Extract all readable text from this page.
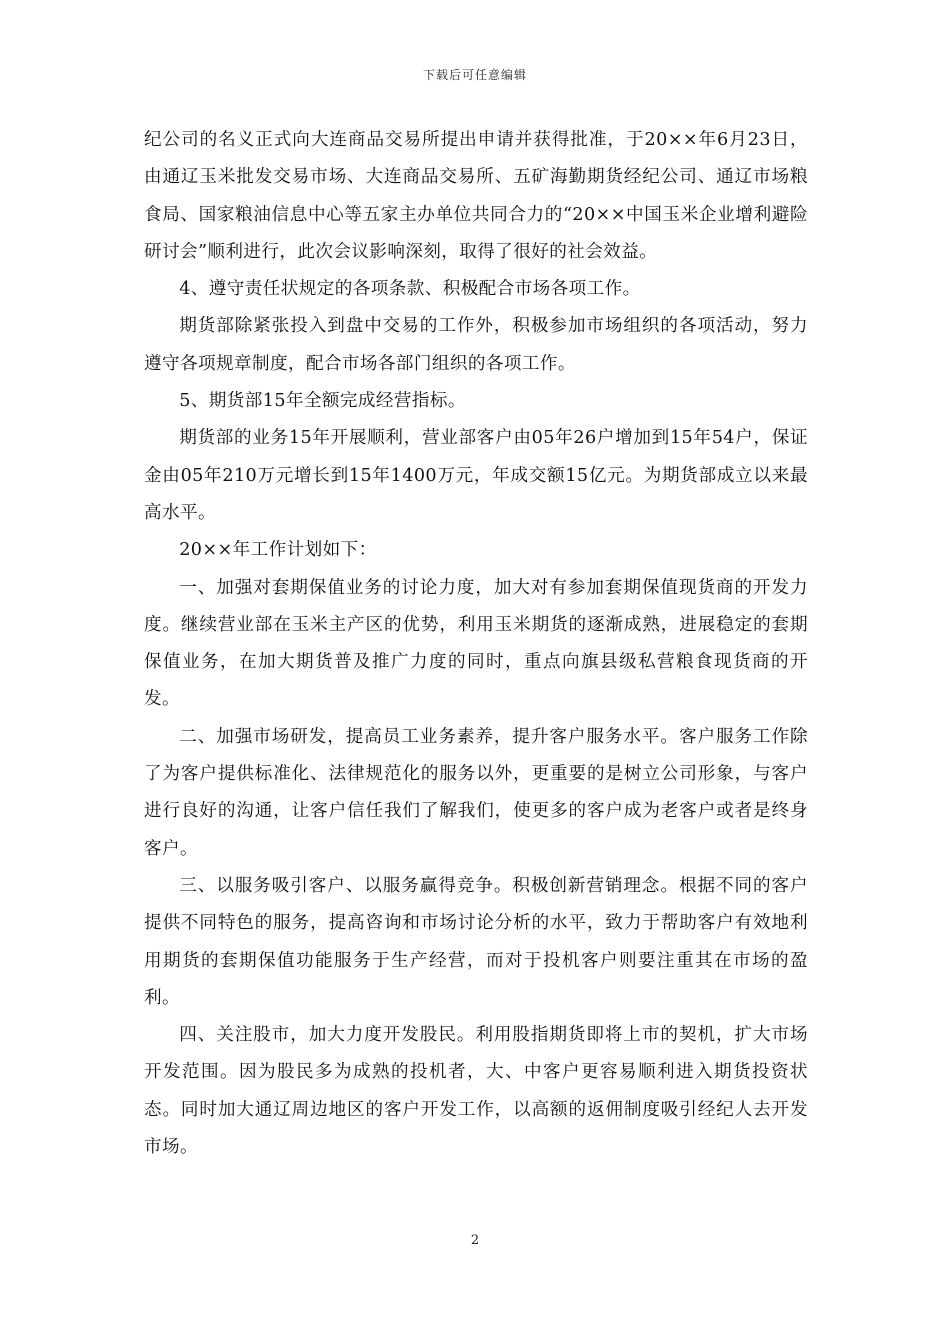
下载后可任意编辑

纪公司的名义正式向大连商品交易所提出申请并获得批准，于20××年6月23日，由通辽玉米批发交易市场、大连商品交易所、五矿海勤期货经纪公司、通辽市场粮食局、国家粮油信息中心等五家主办单位共同合力的“20××中国玉米企业增利避险研讨会”顺利进行，此次会议影响深刻，取得了很好的社会效益。

4、遵守责任状规定的各项条款、积极配合市场各项工作。

期货部除紧张投入到盘中交易的工作外，积极参加市场组织的各项活动，努力遵守各项规章制度，配合市场各部门组织的各项工作。

5、期货部15年全额完成经营指标。

期货部的业务15年开展顺利，营业部客户由05年26户增加到15年54户，保证金由05年210万元增长到15年1400万元，年成交额15亿元。为期货部成立以来最高水平。

20××年工作计划如下：

一、加强对套期保值业务的讨论力度，加大对有参加套期保值现货商的开发力度。继续营业部在玉米主产区的优势，利用玉米期货的逐渐成熟，进展稳定的套期保值业务，在加大期货普及推广力度的同时，重点向旗县级私营粮食现货商的开发。

二、加强市场研发，提高员工业务素养，提升客户服务水平。客户服务工作除了为客户提供标准化、法律规范化的服务以外，更重要的是树立公司形象，与客户进行良好的沟通，让客户信任我们了解我们，使更多的客户成为老客户或者是终身客户。

三、以服务吸引客户、以服务赢得竞争。积极创新营销理念。根据不同的客户提供不同特色的服务，提高咨询和市场讨论分析的水平，致力于帮助客户有效地利用期货的套期保值功能服务于生产经营，而对于投机客户则要注重其在市场的盈利。

四、关注股市，加大力度开发股民。利用股指期货即将上市的契机，扩大市场开发范围。因为股民多为成熟的投机者，大、中客户更容易顺利进入期货投资状态。同时加大通辽周边地区的客户开发工作，以高额的返佣制度吸引经纪人去开发市场。

2
